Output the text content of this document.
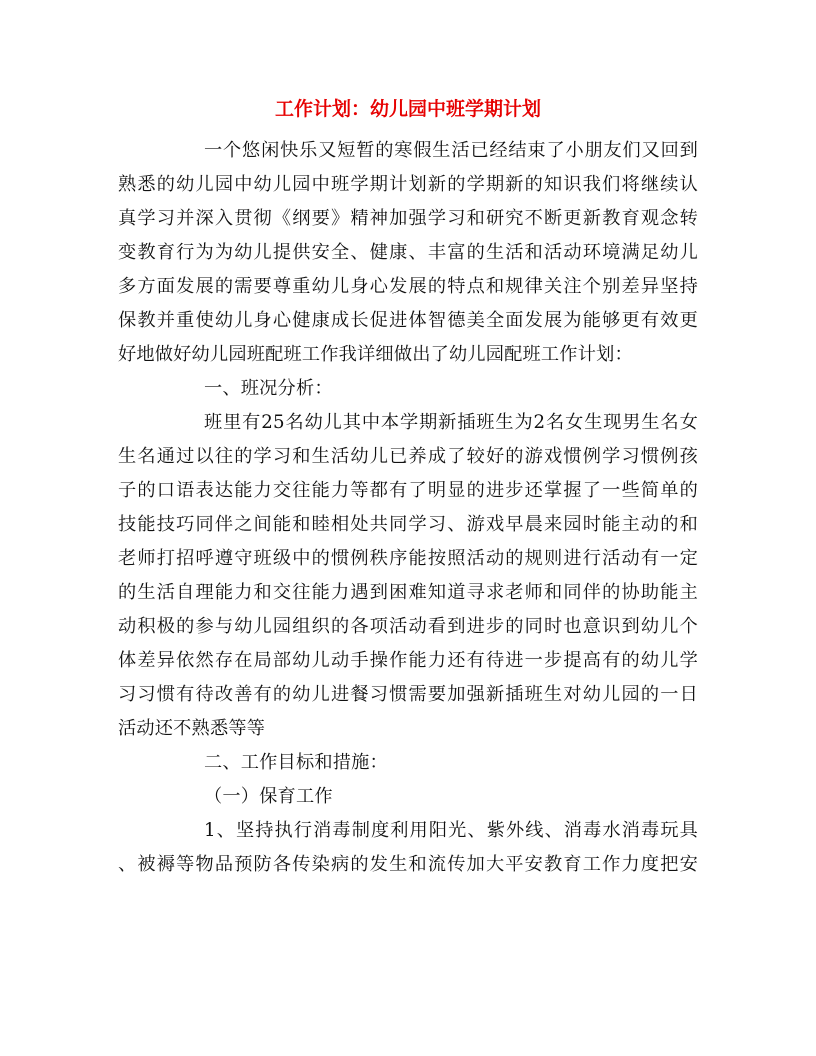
工作计划：幼儿园中班学期计划
一个悠闲快乐又短暂的寒假生活已经结束了小朋友们又回到
熟悉的幼儿园中幼儿园中班学期计划新的学期新的知识我们将继续认
真学习并深入贯彻《纲要》精神加强学习和研究不断更新教育观念转
变教育行为为幼儿提供安全、健康、丰富的生活和活动环境满足幼儿
多方面发展的需要尊重幼儿身心发展的特点和规律关注个别差异坚持
保教并重使幼儿身心健康成长促进体智德美全面发展为能够更有效更
好地做好幼儿园班配班工作我详细做出了幼儿园配班工作计划：
一、班况分析：
班里有25名幼儿其中本学期新插班生为2名女生现男生名女
生名通过以往的学习和生活幼儿已养成了较好的游戏惯例学习惯例孩
子的口语表达能力交往能力等都有了明显的进步还掌握了一些简单的
技能技巧同伴之间能和睦相处共同学习、游戏早晨来园时能主动的和
老师打招呼遵守班级中的惯例秩序能按照活动的规则进行活动有一定
的生活自理能力和交往能力遇到困难知道寻求老师和同伴的协助能主
动积极的参与幼儿园组织的各项活动看到进步的同时也意识到幼儿个
体差异依然存在局部幼儿动手操作能力还有待进一步提高有的幼儿学
习习惯有待改善有的幼儿进餐习惯需要加强新插班生对幼儿园的一日
活动还不熟悉等等
二、工作目标和措施：
（一）保育工作
1、坚持执行消毒制度利用阳光、紫外线、消毒水消毒玩具
、被褥等物品预防各传染病的发生和流传加大平安教育工作力度把安
